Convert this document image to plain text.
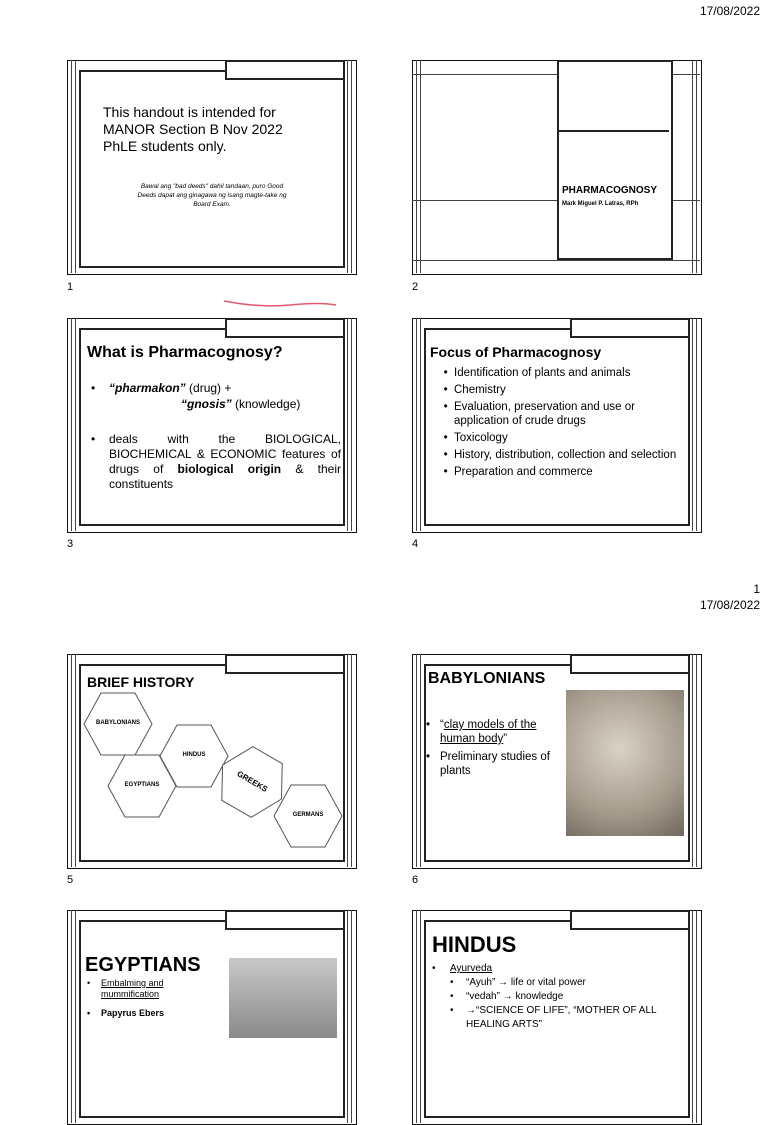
17/08/2022
1
17/08/2022
This handout is intended for
MANOR Section B Nov 2022
PhLE students only.
Bawal ang "bad deeds" dahil tandaan, puro Good
Deeds dapat ang ginagawa ng isang magte-take ng
Board Exam.
1
PHARMACOGNOSY
Mark Miguel P. Latras, RPh
2
What is Pharmacognosy?
•	“pharmakon” (drug) +
“gnosis” (knowledge)
•	deals with the BIOLOGICAL, BIOCHEMICAL & ECONOMIC features of drugs of biological origin & their constituents
3
Focus of Pharmacognosy
• Identification of plants and animals
• Chemistry
• Evaluation, preservation and use or application of crude drugs
• Toxicology
• History, distribution, collection and selection
• Preparation and commerce
4
BRIEF HISTORY
BABYLONIANS
HINDUS
EGYPTIANS	GREEKS
GERMANS
5
BABYLONIANS
• “clay models of the human body”
• Preliminary studies of plants
6
EGYPTIANS
• Embalming and mummification
• Papyrus Ebers
HINDUS
• Ayurveda
• “Ayuh” → life or vital power
• “vedah” → knowledge
• →“SCIENCE OF LIFE”, “MOTHER OF ALL HEALING ARTS”
